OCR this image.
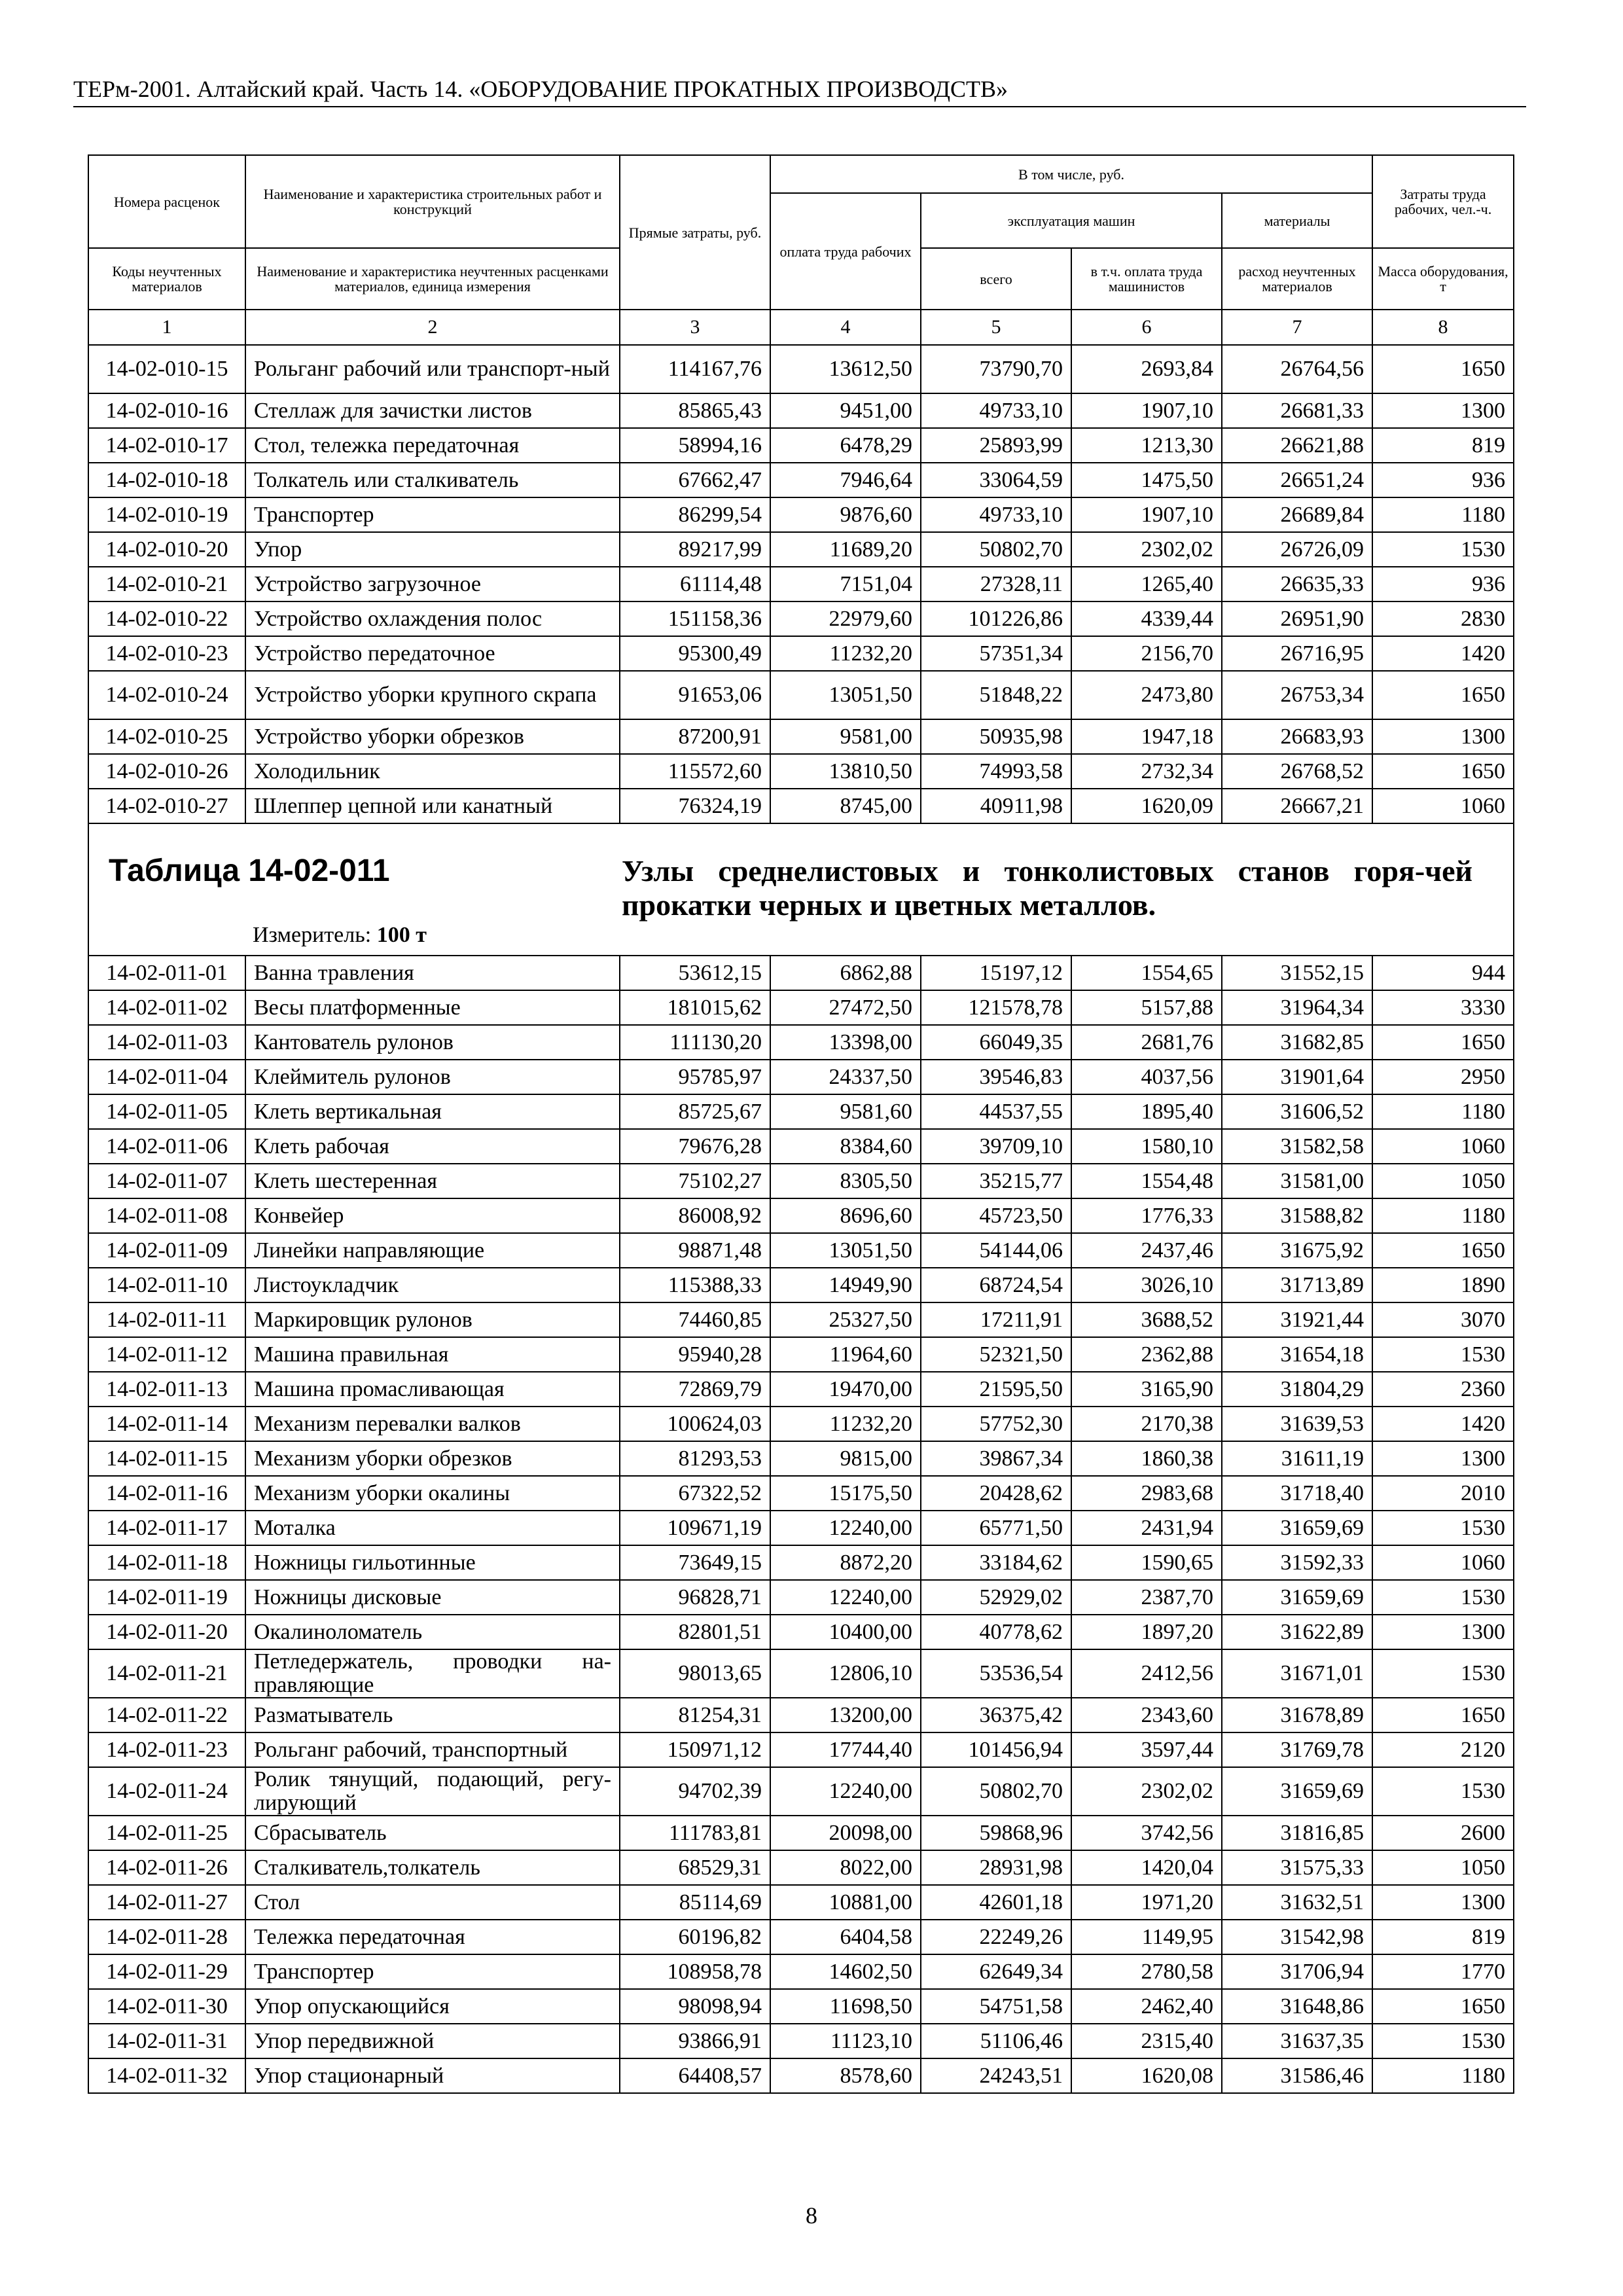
ТЕРм-2001. Алтайский край. Часть 14. «ОБОРУДОВАНИЕ ПРОКАТНЫХ ПРОИЗВОДСТВ»
Номера расценок	Наименование и характеристика строительных работ и конструкций	Прямые затраты, руб.	В том числе, руб.				Затраты труда рабочих, чел.-ч.
			оплата труда рабочих	эксплуатация машин		материалы	
Коды неучтенных материалов	Наименование и характеристика неучтенных расценками материалов, единица измерения			всего	в т.ч. оплата труда машинистов	расход неучтенных материалов	Масса оборудования, т
1	2	3	4	5	6	7	8
14-02-010-15	Рольганг рабочий или транспорт-ный	114167,76	13612,50	73790,70	2693,84	26764,56	1650
14-02-010-16	Стеллаж для зачистки листов	85865,43	9451,00	49733,10	1907,10	26681,33	1300
14-02-010-17	Стол, тележка передаточная	58994,16	6478,29	25893,99	1213,30	26621,88	819
14-02-010-18	Толкатель или сталкиватель	67662,47	7946,64	33064,59	1475,50	26651,24	936
14-02-010-19	Транспортер	86299,54	9876,60	49733,10	1907,10	26689,84	1180
14-02-010-20	Упор	89217,99	11689,20	50802,70	2302,02	26726,09	1530
14-02-010-21	Устройство загрузочное	61114,48	7151,04	27328,11	1265,40	26635,33	936
14-02-010-22	Устройство охлаждения полос	151158,36	22979,60	101226,86	4339,44	26951,90	2830
14-02-010-23	Устройство передаточное	95300,49	11232,20	57351,34	2156,70	26716,95	1420
14-02-010-24	Устройство уборки крупного скрапа	91653,06	13051,50	51848,22	2473,80	26753,34	1650
14-02-010-25	Устройство уборки обрезков	87200,91	9581,00	50935,98	1947,18	26683,93	1300
14-02-010-26	Холодильник	115572,60	13810,50	74993,58	2732,34	26768,52	1650
14-02-010-27	Шлеппер цепной или канатный	76324,19	8745,00	40911,98	1620,09	26667,21	1060

Таблица 14-02-011 Узлы среднелистовых и тонколистовых станов горя-чей прокатки черных и цветных металлов.
Измеритель: 100 т							

14-02-011-01	Ванна травления	53612,15	6862,88	15197,12	1554,65	31552,15	944
14-02-011-02	Весы платформенные	181015,62	27472,50	121578,78	5157,88	31964,34	3330
14-02-011-03	Кантователь рулонов	111130,20	13398,00	66049,35	2681,76	31682,85	1650
14-02-011-04	Клеймитель рулонов	95785,97	24337,50	39546,83	4037,56	31901,64	2950
14-02-011-05	Клеть вертикальная	85725,67	9581,60	44537,55	1895,40	31606,52	1180
14-02-011-06	Клеть рабочая	79676,28	8384,60	39709,10	1580,10	31582,58	1060
14-02-011-07	Клеть шестеренная	75102,27	8305,50	35215,77	1554,48	31581,00	1050
14-02-011-08	Конвейер	86008,92	8696,60	45723,50	1776,33	31588,82	1180
14-02-011-09	Линейки направляющие	98871,48	13051,50	54144,06	2437,46	31675,92	1650
14-02-011-10	Листоукладчик	115388,33	14949,90	68724,54	3026,10	31713,89	1890
14-02-011-11	Маркировщик рулонов	74460,85	25327,50	17211,91	3688,52	31921,44	3070
14-02-011-12	Машина правильная	95940,28	11964,60	52321,50	2362,88	31654,18	1530
14-02-011-13	Машина промасливающая	72869,79	19470,00	21595,50	3165,90	31804,29	2360
14-02-011-14	Механизм перевалки валков	100624,03	11232,20	57752,30	2170,38	31639,53	1420
14-02-011-15	Механизм уборки обрезков	81293,53	9815,00	39867,34	1860,38	31611,19	1300
14-02-011-16	Механизм уборки окалины	67322,52	15175,50	20428,62	2983,68	31718,40	2010
14-02-011-17	Моталка	109671,19	12240,00	65771,50	2431,94	31659,69	1530
14-02-011-18	Ножницы гильотинные	73649,15	8872,20	33184,62	1590,65	31592,33	1060
14-02-011-19	Ножницы дисковые	96828,71	12240,00	52929,02	2387,70	31659,69	1530
14-02-011-20	Окалиноломатель	82801,51	10400,00	40778,62	1897,20	31622,89	1300
14-02-011-21	Петледержатель, проводки на-правляющие	98013,65	12806,10	53536,54	2412,56	31671,01	1530
14-02-011-22	Разматыватель	81254,31	13200,00	36375,42	2343,60	31678,89	1650
14-02-011-23	Рольганг рабочий, транспортный	150971,12	17744,40	101456,94	3597,44	31769,78	2120
14-02-011-24	Ролик тянущий, подающий, регу-лирующий	94702,39	12240,00	50802,70	2302,02	31659,69	1530
14-02-011-25	Сбрасыватель	111783,81	20098,00	59868,96	3742,56	31816,85	2600
14-02-011-26	Сталкиватель,толкатель	68529,31	8022,00	28931,98	1420,04	31575,33	1050
14-02-011-27	Стол	85114,69	10881,00	42601,18	1971,20	31632,51	1300
14-02-011-28	Тележка передаточная	60196,82	6404,58	22249,26	1149,95	31542,98	819
14-02-011-29	Транспортер	108958,78	14602,50	62649,34	2780,58	31706,94	1770
14-02-011-30	Упор опускающийся	98098,94	11698,50	54751,58	2462,40	31648,86	1650
14-02-011-31	Упор передвижной	93866,91	11123,10	51106,46	2315,40	31637,35	1530
14-02-011-32	Упор стационарный	64408,57	8578,60	24243,51	1620,08	31586,46	1180
8
